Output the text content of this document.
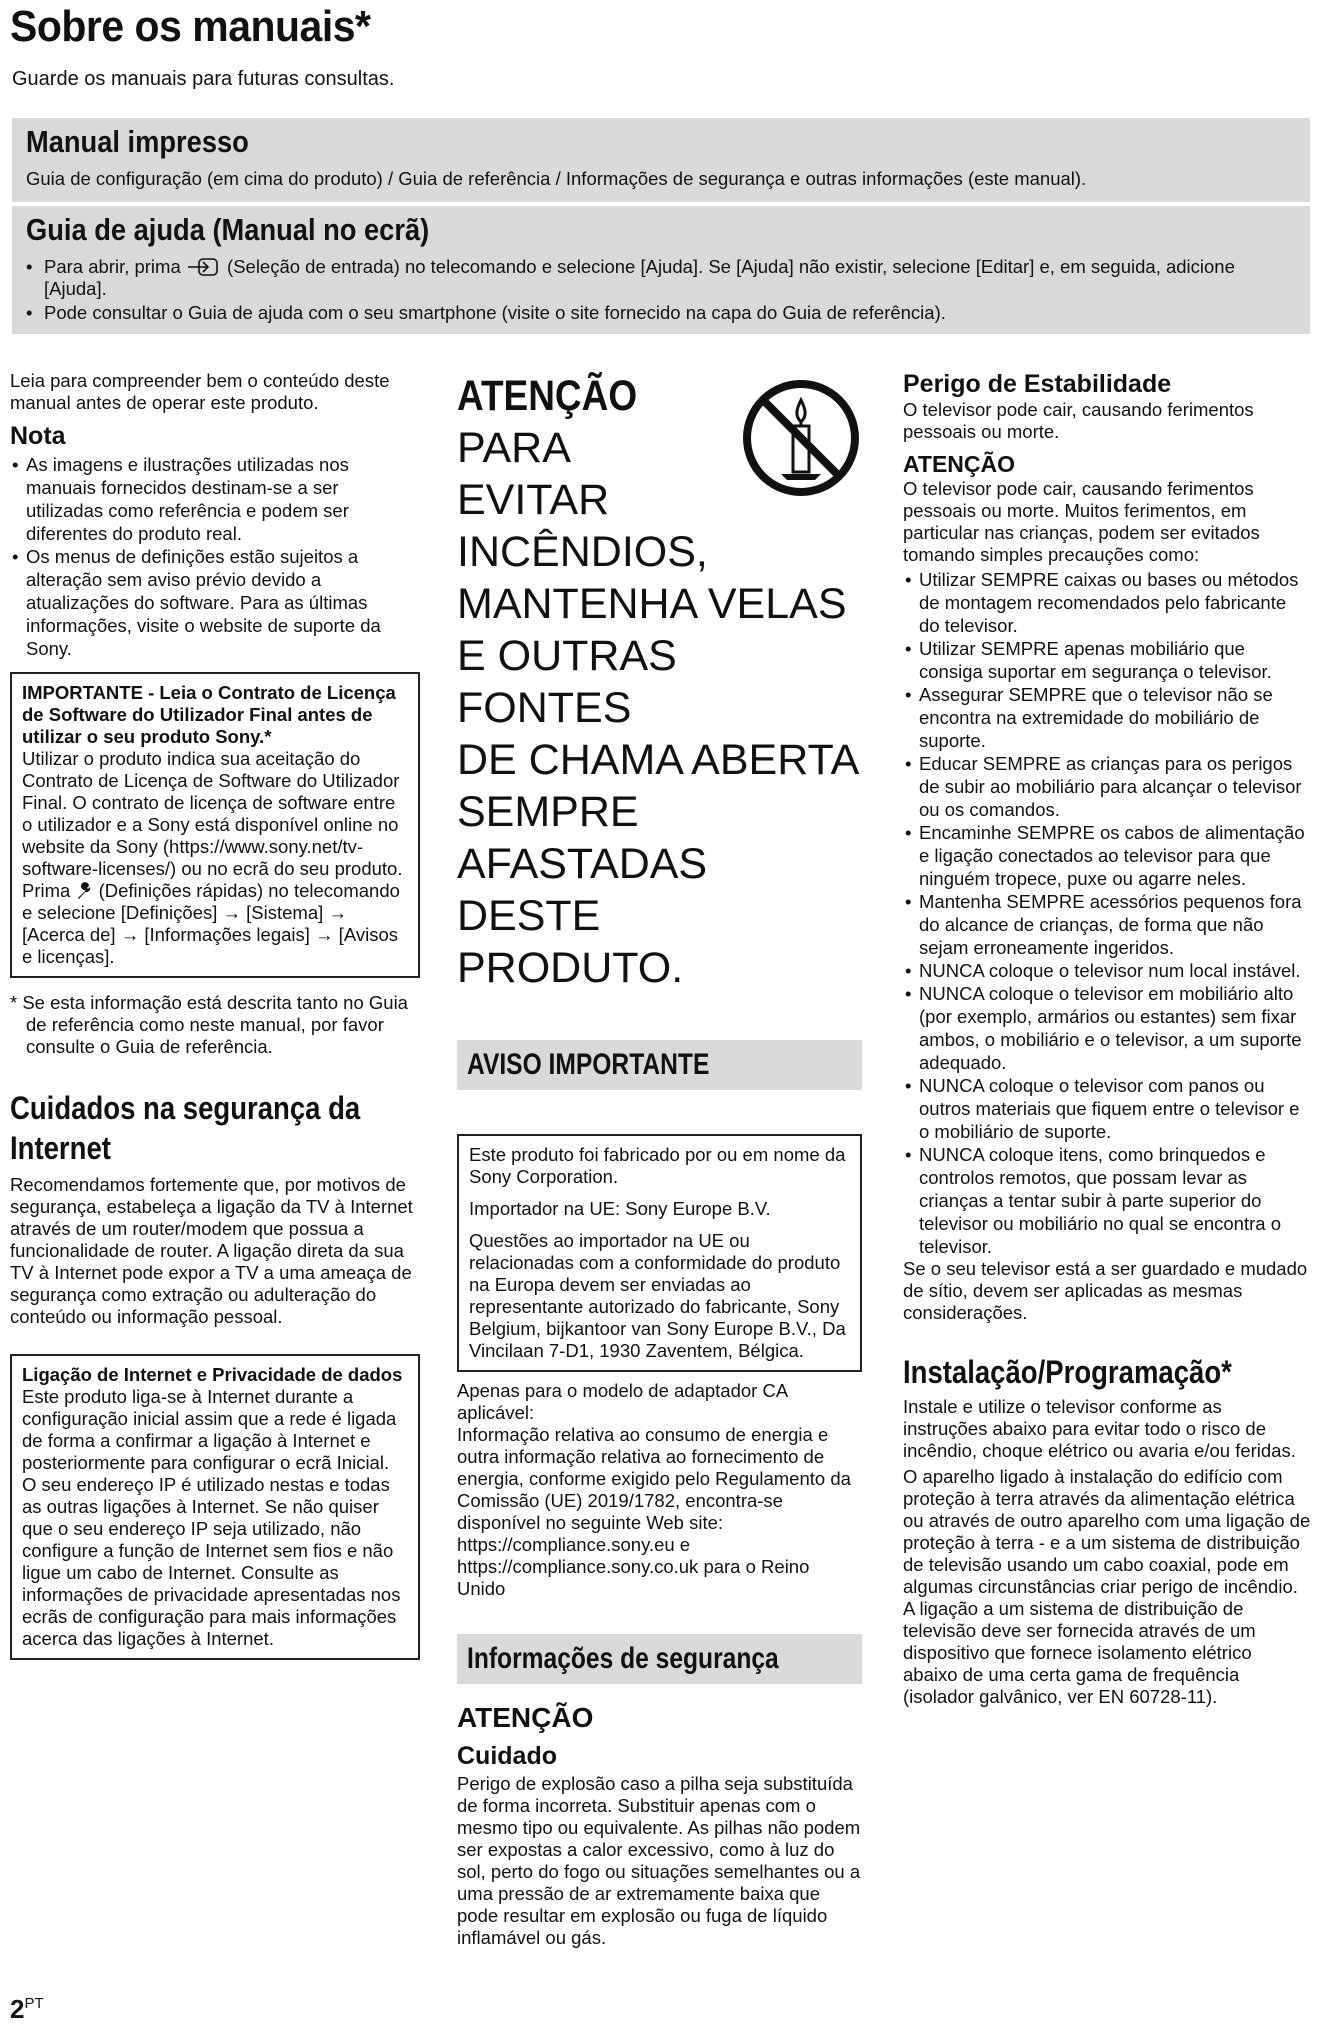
Sobre os manuais*

Guarde os manuais para futuras consultas.

Manual impresso
Guia de configuração (em cima do produto) / Guia de referência / Informações de segurança e outras informações (este manual).
Guia de ajuda (Manual no ecrã)
• Para abrir, prima	(Seleção de entrada) no telecomando e selecione [Ajuda]. Se [Ajuda] não existir, selecione [Editar] e, em seguida, adicione [Ajuda].
• Pode consultar o Guia de ajuda com o seu smartphone (visite o site fornecido na capa do Guia de referência).

Leia para compreender bem o conteúdo deste manual antes de operar este produto.

Nota
• As imagens e ilustrações utilizadas nos manuais fornecidos destinam-se a ser utilizadas como referência e podem ser diferentes do produto real.
• Os menus de definições estão sujeitos a alteração sem aviso prévio devido a atualizações do software. Para as últimas informações, visite o website de suporte da Sony.

IMPORTANTE - Leia o Contrato de Licença de Software do Utilizador Final antes de utilizar o seu produto Sony.*

Utilizar o produto indica sua aceitação do Contrato de Licença de Software do Utilizador Final. O contrato de licença de software entre o utilizador e a Sony está disponível online no website da Sony (https://www.sony.net/tv-software-licenses/) ou no ecrã do seu produto.

Prima (Definições rápidas) no telecomando e selecione [Definições] → [Sistema] → [Acerca de] → [Informações legais] → [Avisos e licenças].

* Se esta informação está descrita tanto no Guia de referência como neste manual, por favor consulte o Guia de referência.

Cuidados na segurança da Internet

Recomendamos fortemente que, por motivos de segurança, estabeleça a ligação da TV à Internet através de um router/modem que possua a funcionalidade de router. A ligação direta da sua TV à Internet pode expor a TV a uma ameaça de segurança como extração ou adulteração do conteúdo ou informação pessoal.

Ligação de Internet e Privacidade de dados

Este produto liga-se à Internet durante a configuração inicial assim que a rede é ligada de forma a confirmar a ligação à Internet e posteriormente para configurar o ecrã Inicial. O seu endereço IP é utilizado nestas e todas as outras ligações à Internet. Se não quiser que o seu endereço IP seja utilizado, não configure a função de Internet sem fios e não ligue um cabo de Internet. Consulte as informações de privacidade apresentadas nos ecrãs de configuração para mais informações acerca das ligações à Internet.

ATENÇÃO
PARA
EVITAR
INCÊNDIOS,
MANTENHA VELAS
E OUTRAS FONTES
DE CHAMA ABERTA
SEMPRE
AFASTADAS DESTE
PRODUTO.
AVISO IMPORTANTE

Este produto foi fabricado por ou em nome da Sony Corporation.

Importador na UE: Sony Europe B.V.

Questões ao importador na UE ou relacionadas com a conformidade do produto na Europa devem ser enviadas ao representante autorizado do fabricante, Sony Belgium, bijkantoor van Sony Europe B.V., Da Vincilaan 7-D1, 1930 Zaventem, Bélgica.

Apenas para o modelo de adaptador CA aplicável:
Informação relativa ao consumo de energia e outra informação relativa ao fornecimento de energia, conforme exigido pelo Regulamento da Comissão (UE) 2019/1782, encontra-se disponível no seguinte Web site: https://compliance.sony.eu e https://compliance.sony.co.uk para o Reino Unido

Informações de segurança
ATENÇÃO
Cuidado

Perigo de explosão caso a pilha seja substituída de forma incorreta. Substituir apenas com o mesmo tipo ou equivalente. As pilhas não podem ser expostas a calor excessivo, como à luz do sol, perto do fogo ou situações semelhantes ou a uma pressão de ar extremamente baixa que pode resultar em explosão ou fuga de líquido inflamável ou gás.

Perigo de Estabilidade

O televisor pode cair, causando ferimentos pessoais ou morte.

ATENÇÃO

O televisor pode cair, causando ferimentos pessoais ou morte. Muitos ferimentos, em particular nas crianças, podem ser evitados tomando simples precauções como:

• Utilizar SEMPRE caixas ou bases ou métodos de montagem recomendados pelo fabricante do televisor.
• Utilizar SEMPRE apenas mobiliário que consiga suportar em segurança o televisor.
• Assegurar SEMPRE que o televisor não se encontra na extremidade do mobiliário de suporte.
• Educar SEMPRE as crianças para os perigos de subir ao mobiliário para alcançar o televisor ou os comandos.
• Encaminhe SEMPRE os cabos de alimentação e ligação conectados ao televisor para que ninguém tropece, puxe ou agarre neles.
• Mantenha SEMPRE acessórios pequenos fora do alcance de crianças, de forma que não sejam erroneamente ingeridos.
• NUNCA coloque o televisor num local instável.
• NUNCA coloque o televisor em mobiliário alto (por exemplo, armários ou estantes) sem fixar ambos, o mobiliário e o televisor, a um suporte adequado.
• NUNCA coloque o televisor com panos ou outros materiais que fiquem entre o televisor e o mobiliário de suporte.
• NUNCA coloque itens, como brinquedos e controlos remotos, que possam levar as crianças a tentar subir à parte superior do televisor ou mobiliário no qual se encontra o televisor.

Se o seu televisor está a ser guardado e mudado de sítio, devem ser aplicadas as mesmas considerações.

Instalação/Programação*

Instale e utilize o televisor conforme as instruções abaixo para evitar todo o risco de incêndio, choque elétrico ou avaria e/ou feridas.

O aparelho ligado à instalação do edifício com proteção à terra através da alimentação elétrica ou através de outro aparelho com uma ligação de proteção à terra - e a um sistema de distribuição de televisão usando um cabo coaxial, pode em algumas circunstâncias criar perigo de incêndio. A ligação a um sistema de distribuição de televisão deve ser fornecida através de um dispositivo que fornece isolamento elétrico abaixo de uma certa gama de frequência (isolador galvânico, ver EN 60728-11).

$2^{PT}$
